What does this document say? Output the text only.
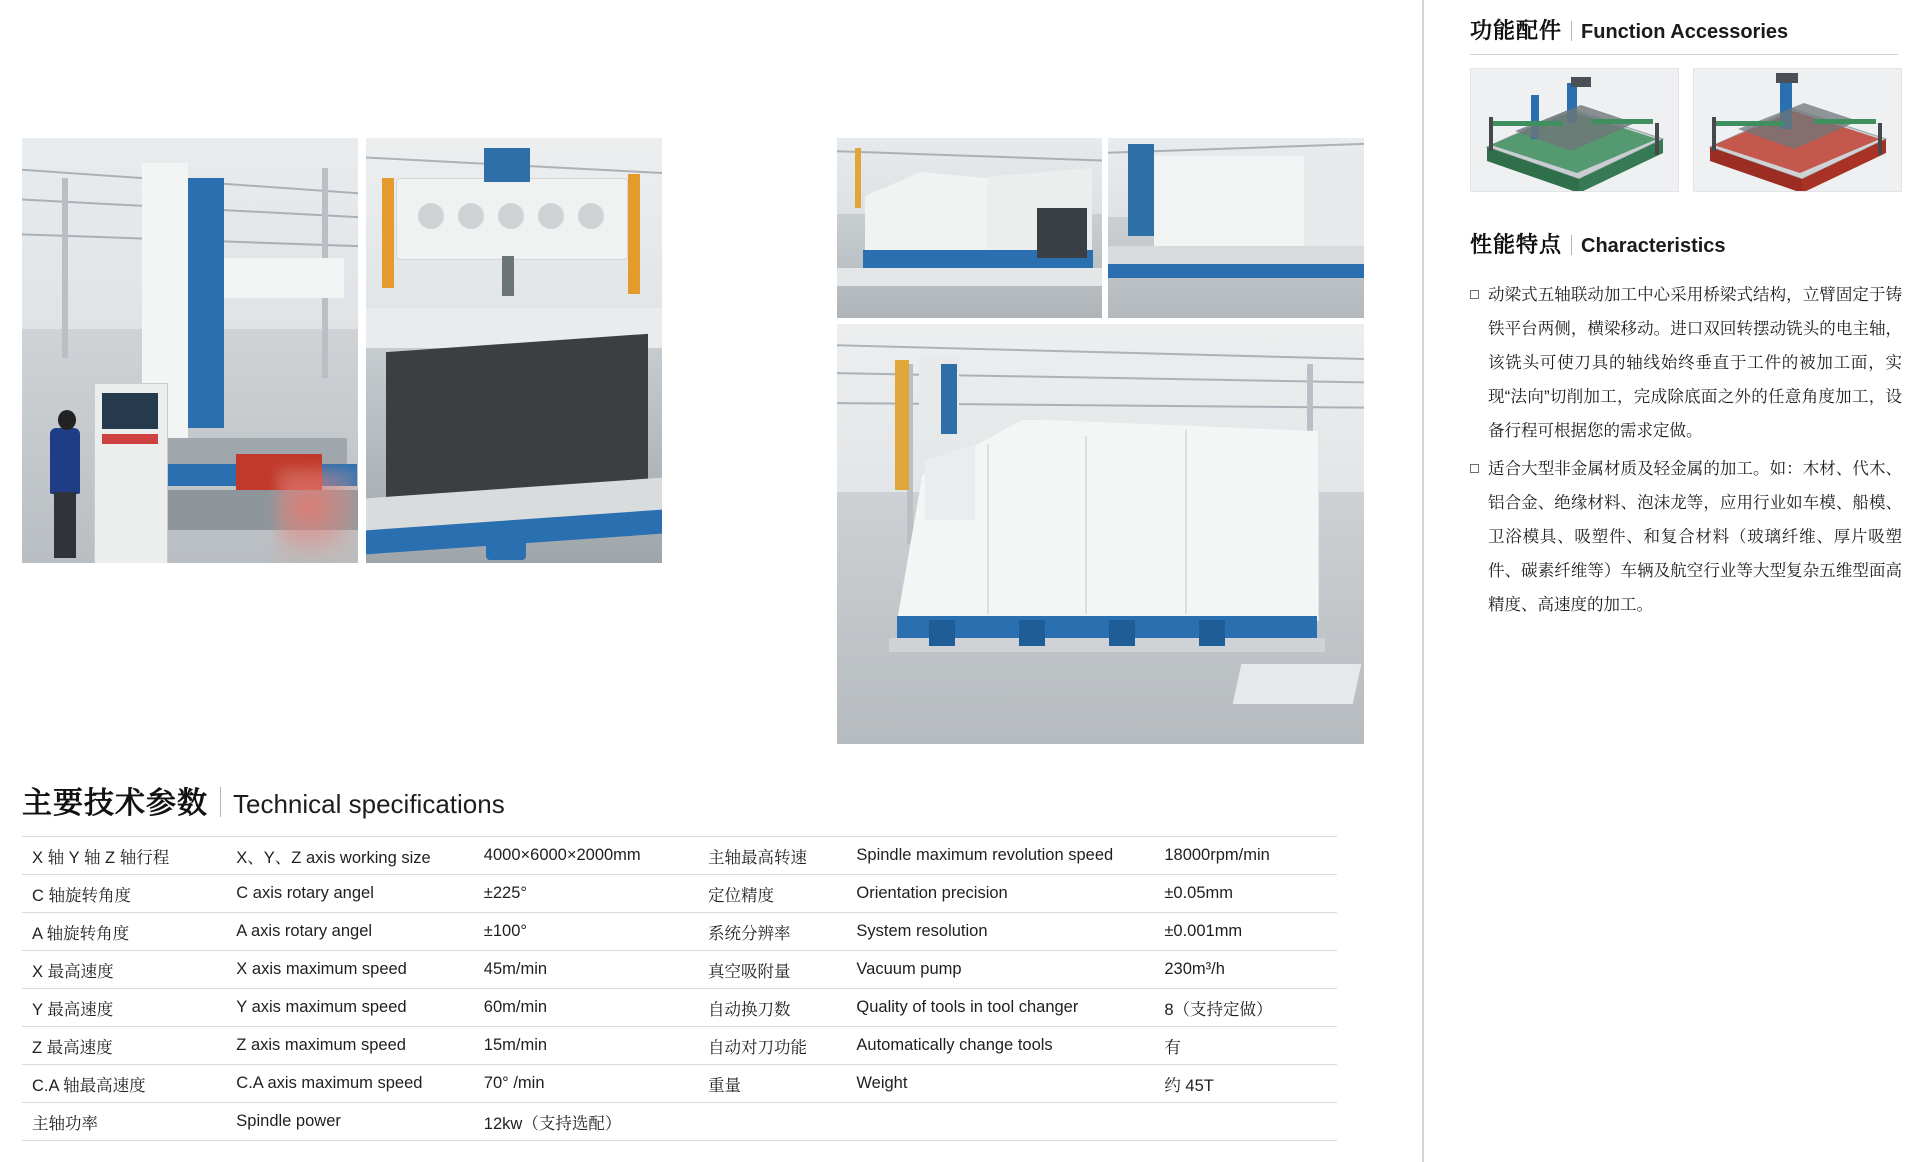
主要技术参数 Technical specifications
X 轴 Y 轴 Z 轴行程	X、Y、Z axis working size	4000×6000×2000mm	主轴最高转速	Spindle maximum revolution speed	18000rpm/min
C 轴旋转角度	C axis rotary angel	±225°	定位精度	Orientation precision	±0.05mm
A 轴旋转角度	A axis rotary angel	±100°	系统分辨率	System resolution	±0.001mm
X 最高速度	X axis maximum speed	45m/min	真空吸附量	Vacuum pump	230m³/h
Y 最高速度	Y axis maximum speed	60m/min	自动换刀数	Quality of tools in tool changer	8（支持定做）
Z 最高速度	Z axis maximum speed	15m/min	自动对刀功能	Automatically change tools	有
C.A 轴最高速度	C.A axis maximum speed	70° /min	重量	Weight	约 45T
主轴功率	Spindle power	12kw（支持选配）			
功能配件 Function Accessories
性能特点 Characteristics
动梁式五轴联动加工中心采用桥梁式结构，立臂固定于铸铁平台两侧，横梁移动。进口双回转摆动铣头的电主轴，该铣头可使刀具的轴线始终垂直于工件的被加工面，实现“法向”切削加工，完成除底面之外的任意角度加工，设备行程可根据您的需求定做。
适合大型非金属材质及轻金属的加工。如：木材、代木、铝合金、绝缘材料、泡沫龙等，应用行业如车模、船模、卫浴模具、吸塑件、和复合材料（玻璃纤维、厚片吸塑件、碳素纤维等）车辆及航空行业等大型复杂五维型面高精度、高速度的加工。
